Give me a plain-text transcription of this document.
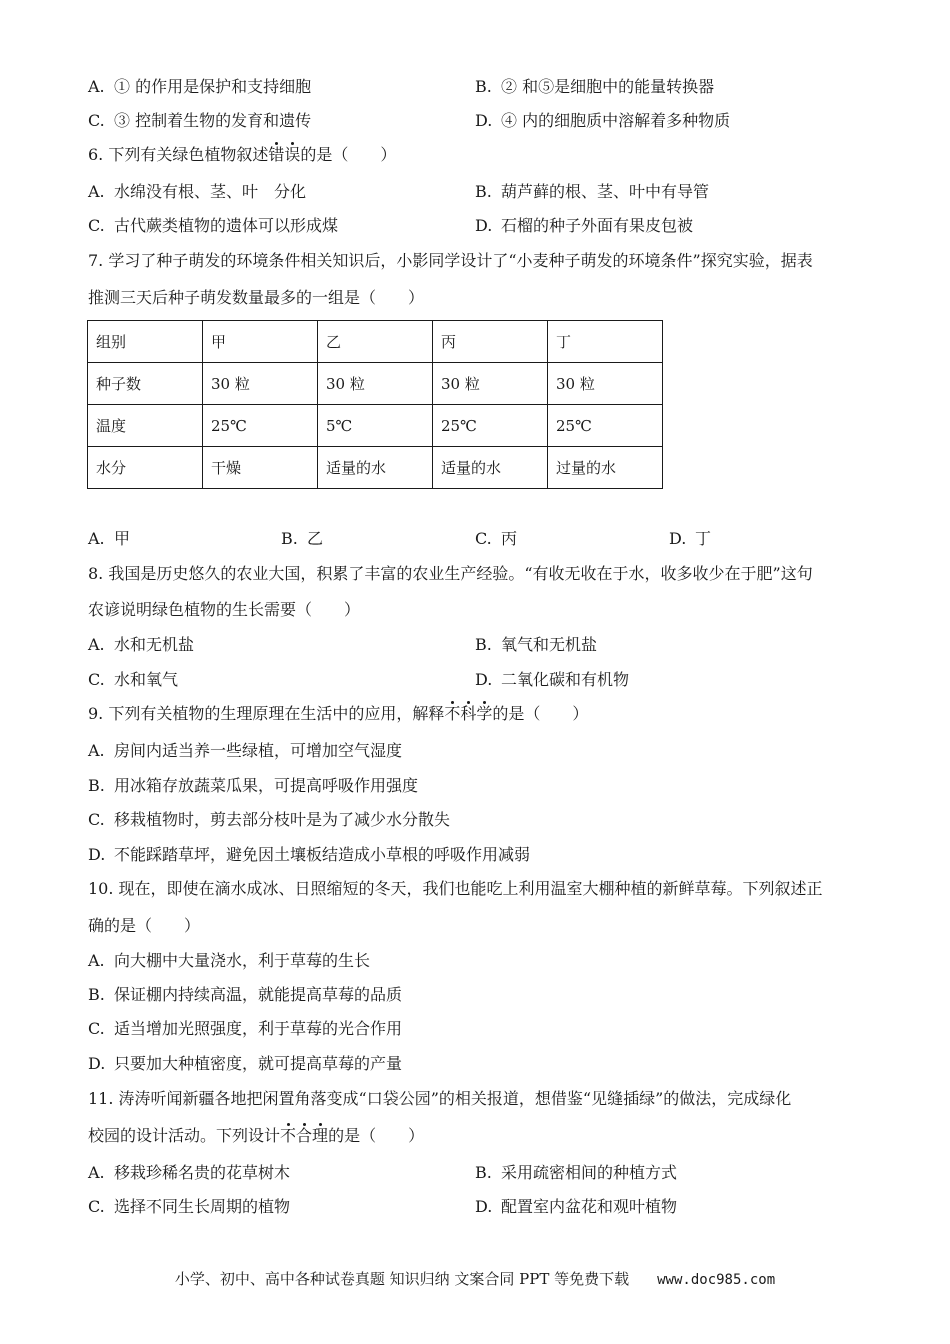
A. ① 的作用是保护和支持细胞	B. ② 和⑤是细胞中的能量转换器
C. ③ 控制着生物的发育和遗传	D. ④ 内的细胞质中溶解着多种物质
6. 下列有关绿色植物叙述错误的是（　　）
A. 水绵没有根、茎、叶　分化	B. 葫芦藓的根、茎、叶中有导管
C. 古代蕨类植物的遗体可以形成煤	D. 石榴的种子外面有果皮包被
7. 学习了种子萌发的环境条件相关知识后，小影同学设计了“小麦种子萌发的环境条件”探究实验，据表
推测三天后种子萌发数量最多的一组是（　　）
组别	甲	乙	丙	丁
种子数	30 粒	30 粒	30 粒	30 粒
温度	25℃	5℃	25℃	25℃
水分	干燥	适量的水	适量的水	过量的水
A. 甲	B. 乙	C. 丙	D. 丁
8. 我国是历史悠久的农业大国，积累了丰富的农业生产经验。“有收无收在于水，收多收少在于肥”这句
农谚说明绿色植物的生长需要（　　）
A. 水和无机盐	B. 氧气和无机盐
C. 水和氧气	D. 二氧化碳和有机物
9. 下列有关植物的生理原理在生活中的应用，解释不科学的是（　　）
A. 房间内适当养一些绿植，可增加空气湿度
B. 用冰箱存放蔬菜瓜果，可提高呼吸作用强度
C. 移栽植物时，剪去部分枝叶是为了减少水分散失
D. 不能踩踏草坪，避免因土壤板结造成小草根的呼吸作用减弱
10. 现在，即使在滴水成冰、日照缩短的冬天，我们也能吃上利用温室大棚种植的新鲜草莓。下列叙述正
确的是（　　）
A. 向大棚中大量浇水，利于草莓的生长
B. 保证棚内持续高温，就能提高草莓的品质
C. 适当增加光照强度，利于草莓的光合作用
D. 只要加大种植密度，就可提高草莓的产量
11. 涛涛听闻新疆各地把闲置角落变成“口袋公园”的相关报道，想借鉴“见缝插绿”的做法，完成绿化
校园的设计活动。下列设计不合理的是（　　）
A. 移栽珍稀名贵的花草树木	B. 采用疏密相间的种植方式
C. 选择不同生长周期的植物	D. 配置室内盆花和观叶植物
小学、初中、高中各种试卷真题 知识归纳 文案合同 PPT 等免费下载 www.doc985.com
